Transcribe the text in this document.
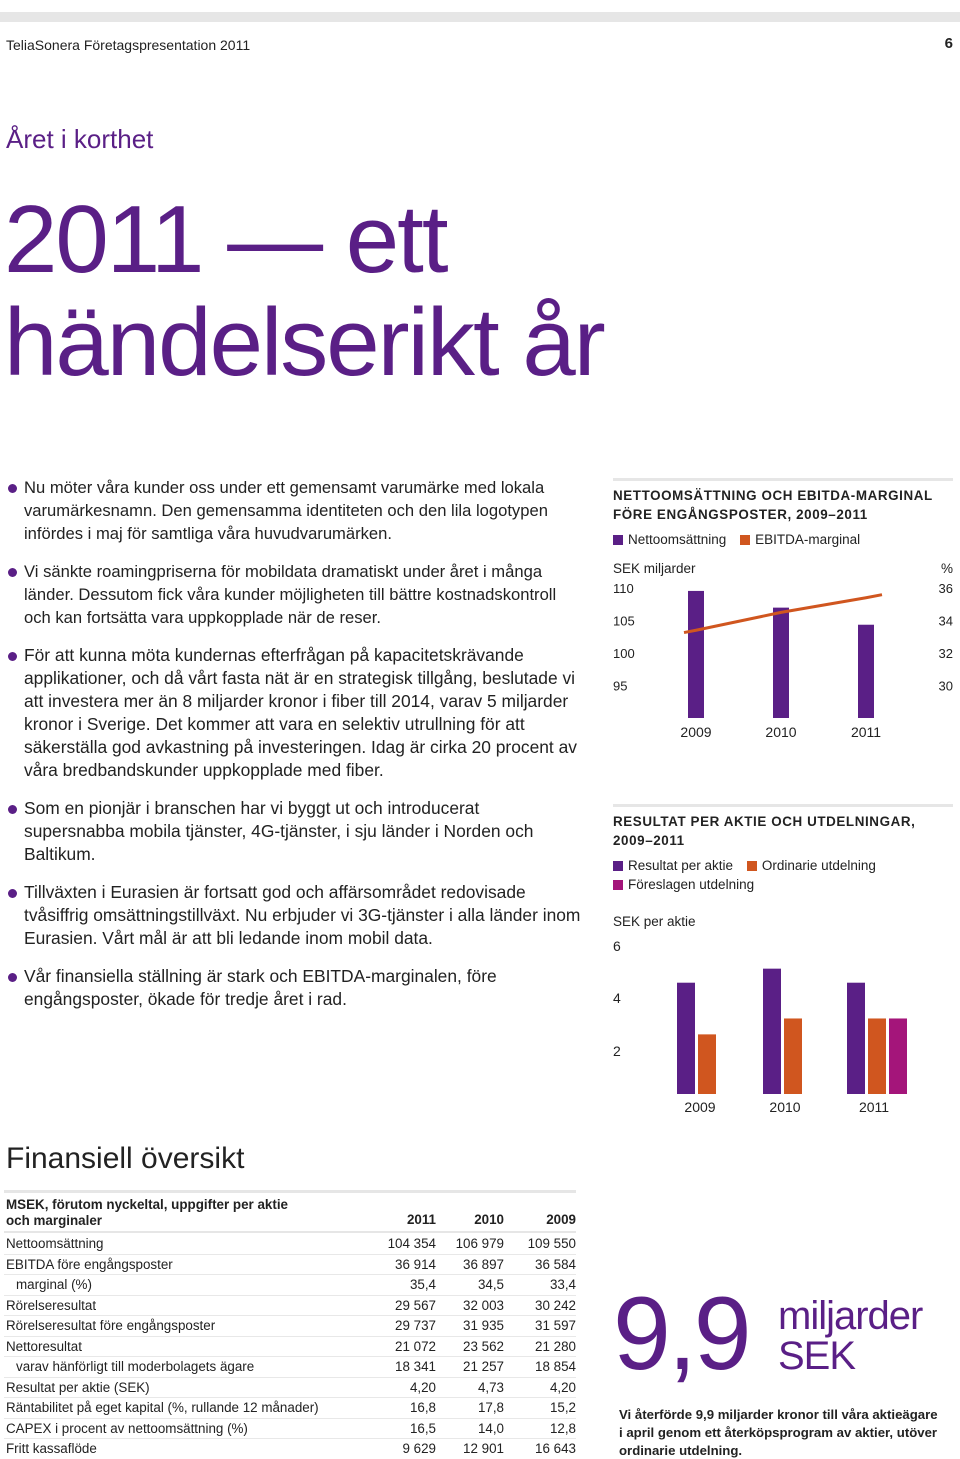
TeliaSonera Företagspresentation 2011	6
Året i korthet
2011 — ett
händelserikt år
Nu möter våra kunder oss under ett gemensamt varumärke med lokala varumärkesnamn. Den gemensamma identiteten och den lila logotypen infördes i maj för samtliga våra huvudvarumärken.
Vi sänkte roamingpriserna för mobildata dramatiskt under året i många länder. Dessutom fick våra kunder möjligheten till bättre kostnadskontroll och kan fortsätta vara uppkopplade när de reser.
För att kunna möta kundernas efterfrågan på kapacitetskrävande applikationer, och då vårt fasta nät är en strategisk tillgång, beslutade vi att investera mer än 8 miljarder kronor i fiber till 2014, varav 5 miljarder kronor i Sverige. Det kommer att vara en selektiv utrullning för att säkerställa god avkastning på investeringen. Idag är cirka 20 procent av våra bredbandskunder uppkopplade med fiber.
Som en pionjär i branschen har vi byggt ut och introducerat supersnabba mobila tjänster, 4G-tjänster, i sju länder i Norden och Baltikum.
Tillväxten i Eurasien är fortsatt god och affärsområdet redovisade tvåsiffrig omsättningstillväxt. Nu erbjuder vi 3G-tjänster i alla länder inom Eurasien. Vårt mål är att bli ledande inom mobil data.
Vår finansiella ställning är stark och EBITDA-marginalen, före engångsposter, ökade för tredje året i rad.
NETTOOMSÄTTNING OCH EBITDA-MARGINAL FÖRE ENGÅNGSPOSTER, 2009–2011
Nettoomsättning EBITDA-marginal
SEK miljarder	%
110
105
100
95
36
34
32
30
2009	2010	2011
RESULTAT PER AKTIE OCH UTDELNINGAR, 2009–2011
Resultat per aktie Ordinarie utdelning
Föreslagen utdelning
SEK per aktie
6
4
2
2009	2010	2011
Finansiell översikt
MSEK, förutom nyckeltal, uppgifter per aktie
och marginaler	2011	2010	2009
Nettoomsättning	104 354	106 979	109 550
EBITDA före engångsposter	36 914	36 897	36 584
marginal (%)	35,4	34,5	33,4
Rörelseresultat	29 567	32 003	30 242
Rörelseresultat före engångsposter	29 737	31 935	31 597
Nettoresultat	21 072	23 562	21 280
varav hänförligt till moderbolagets ägare	18 341	21 257	18 854
Resultat per aktie (SEK)	4,20	4,73	4,20
Räntabilitet på eget kapital (%, rullande 12 månader)	16,8	17,8	15,2
CAPEX i procent av nettoomsättning (%)	16,5	14,0	12,8
Fritt kassaflöde	9 629	12 901	16 643
9,9 miljarder
SEK
Vi återförde 9,9 miljarder kronor till våra aktieägare i april genom ett återköpsprogram av aktier, utöver ordinarie utdelning.
